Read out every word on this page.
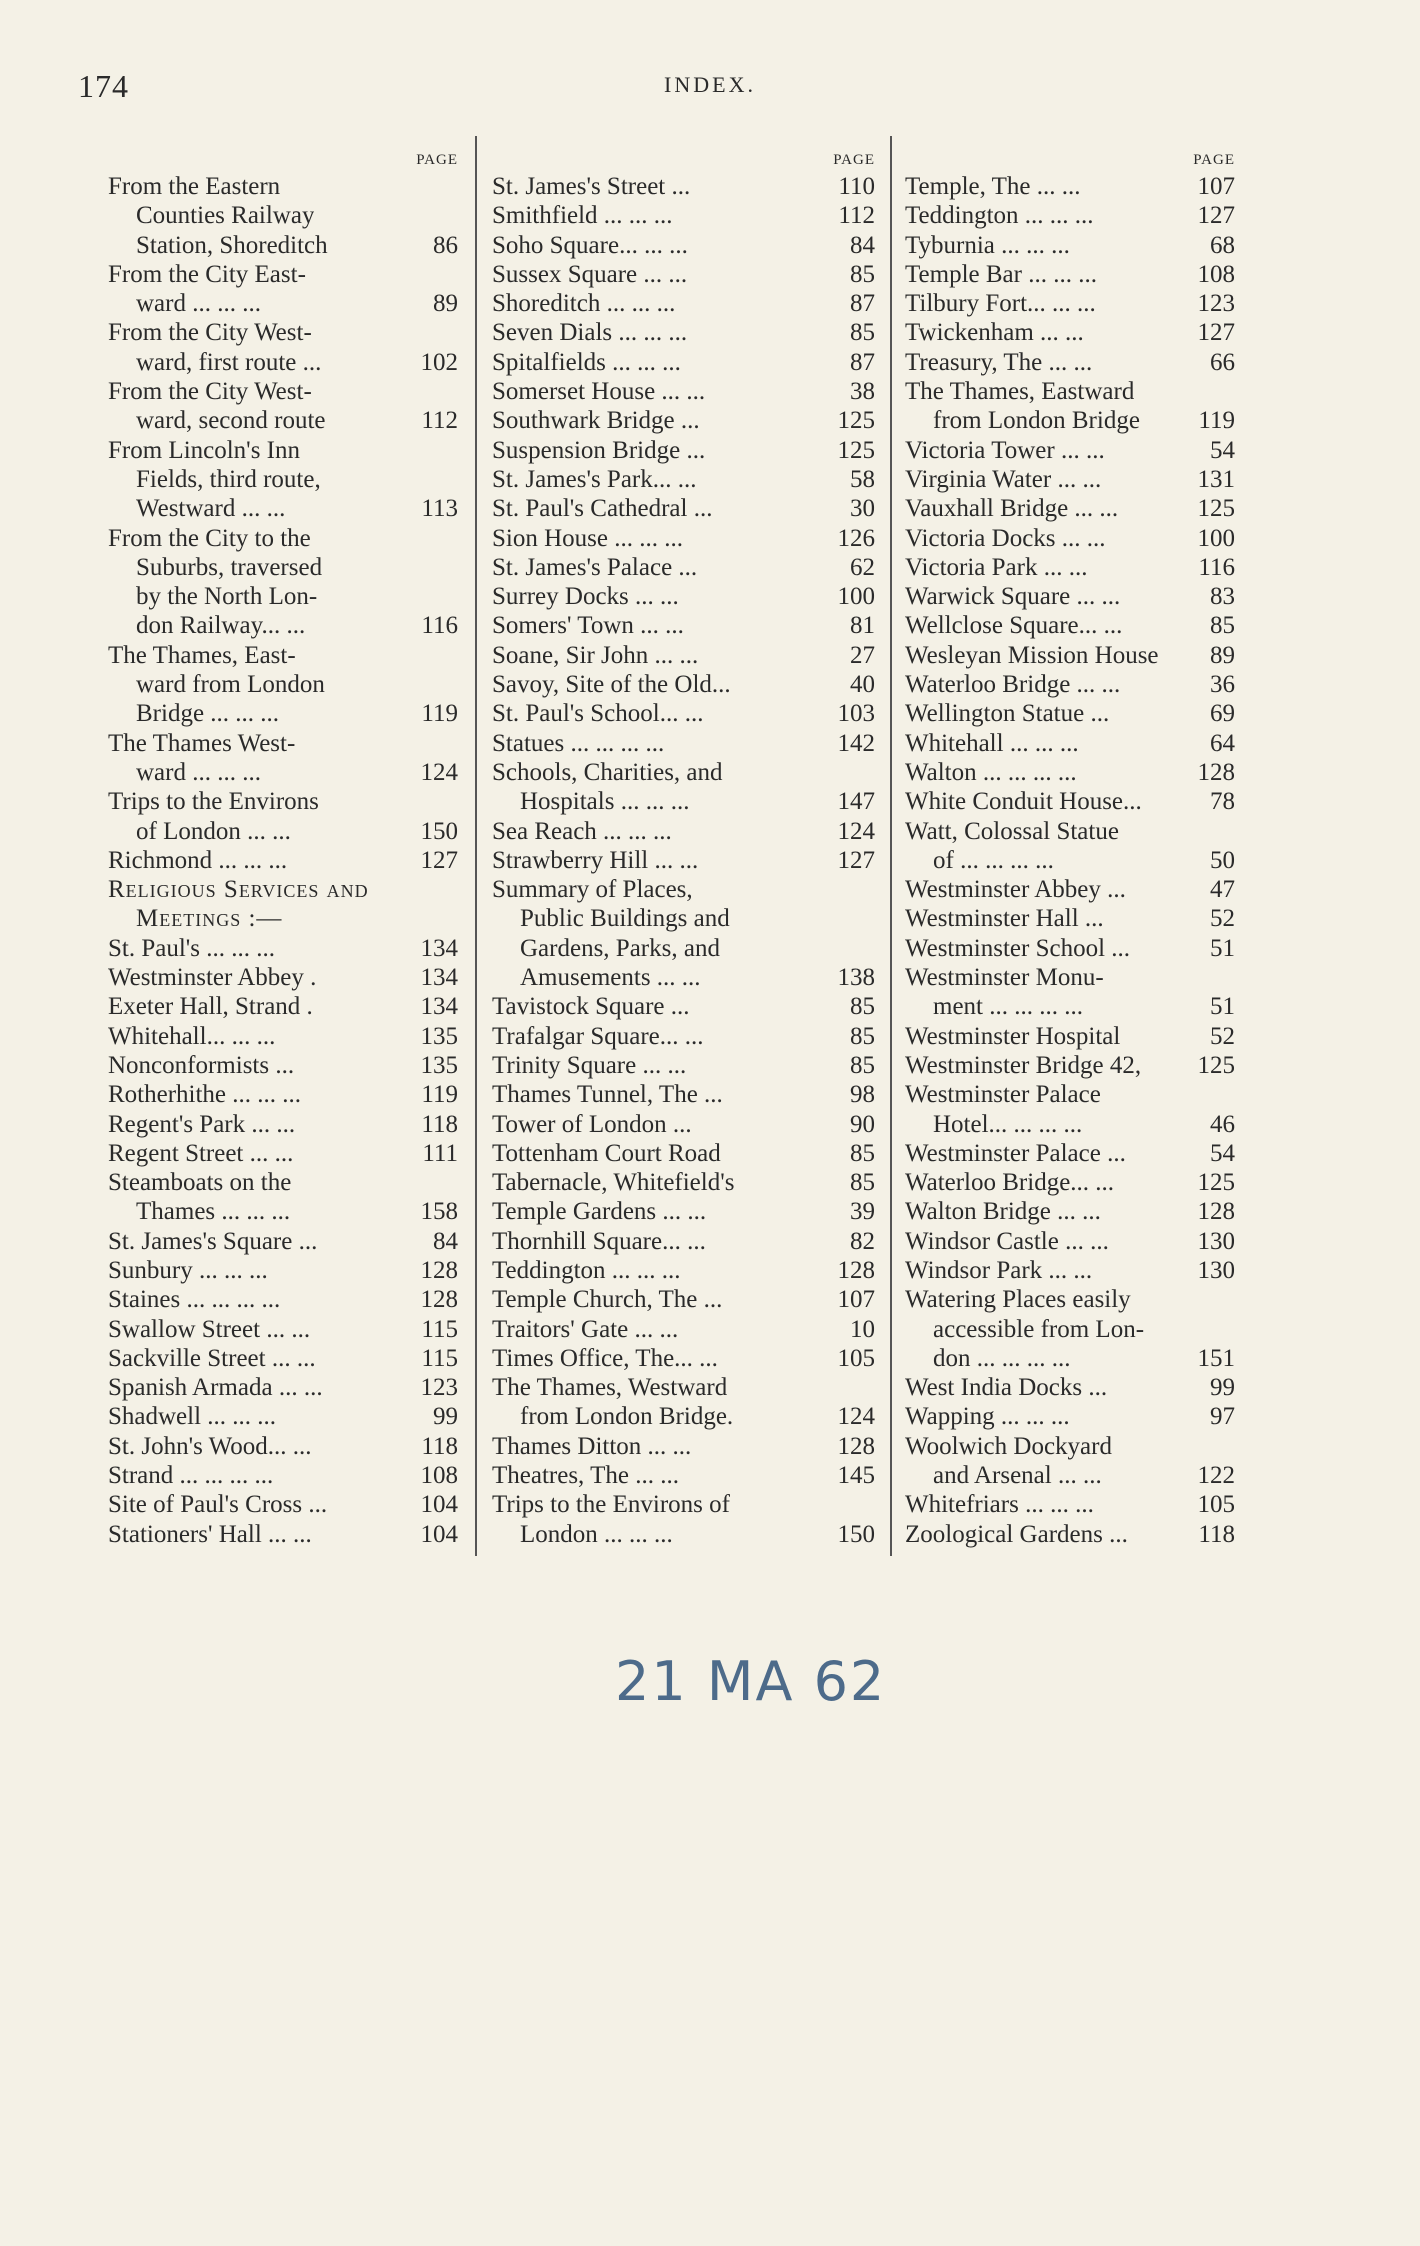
174	INDEX.
PAGE
From the Eastern
Counties Railway
Station, Shoreditch	86
From the City East-
ward ... ... ...	89
From the City West-
ward, first route ...	102
From the City West-
ward, second route	112
From Lincoln's Inn
Fields, third route,
Westward ... ...	113
From the City to the
Suburbs, traversed
by the North Lon-
don Railway... ...	116
The Thames, East-
ward from London
Bridge ... ... ...	119
The Thames West-
ward ... ... ...	124
Trips to the Environs
of London ... ...	150
Richmond ... ... ...	127
Religious Services and
Meetings :—
St. Paul's ... ... ...	134
Westminster Abbey .	134
Exeter Hall, Strand .	134
Whitehall... ... ...	135
Nonconformists ...	135
Rotherhithe ... ... ...	119
Regent's Park ... ...	118
Regent Street ... ...	111
Steamboats on the
Thames ... ... ...	158
St. James's Square ...	84
Sunbury ... ... ...	128
Staines ... ... ... ...	128
Swallow Street ... ...	115
Sackville Street ... ...	115
Spanish Armada ... ...	123
Shadwell ... ... ...	99
St. John's Wood... ...	118
Strand ... ... ... ...	108
Site of Paul's Cross ...	104
Stationers' Hall ... ...	104
PAGE
St. James's Street ...	110
Smithfield ... ... ...	112
Soho Square... ... ...	84
Sussex Square ... ...	85
Shoreditch ... ... ...	87
Seven Dials ... ... ...	85
Spitalfields ... ... ...	87
Somerset House ... ...	38
Southwark Bridge ...	125
Suspension Bridge ...	125
St. James's Park... ...	58
St. Paul's Cathedral ...	30
Sion House ... ... ...	126
St. James's Palace ...	62
Surrey Docks ... ...	100
Somers' Town ... ...	81
Soane, Sir John ... ...	27
Savoy, Site of the Old...	40
St. Paul's School... ...	103
Statues ... ... ... ...	142
Schools, Charities, and
Hospitals ... ... ...	147
Sea Reach ... ... ...	124
Strawberry Hill ... ...	127
Summary of Places,
Public Buildings and
Gardens, Parks, and
Amusements ... ...	138
Tavistock Square ...	85
Trafalgar Square... ...	85
Trinity Square ... ...	85
Thames Tunnel, The ...	98
Tower of London ...	90
Tottenham Court Road	85
Tabernacle, Whitefield's	85
Temple Gardens ... ...	39
Thornhill Square... ...	82
Teddington ... ... ...	128
Temple Church, The ...	107
Traitors' Gate ... ...	10
Times Office, The... ...	105
The Thames, Westward
from London Bridge.	124
Thames Ditton ... ...	128
Theatres, The ... ...	145
Trips to the Environs of
London ... ... ...	150
PAGE
Temple, The ... ...	107
Teddington ... ... ...	127
Tyburnia ... ... ...	68
Temple Bar ... ... ...	108
Tilbury Fort... ... ...	123
Twickenham ... ...	127
Treasury, The ... ...	66
The Thames, Eastward
from London Bridge	119
Victoria Tower ... ...	54
Virginia Water ... ...	131
Vauxhall Bridge ... ...	125
Victoria Docks ... ...	100
Victoria Park ... ...	116
Warwick Square ... ...	83
Wellclose Square... ...	85
Wesleyan Mission House	89
Waterloo Bridge ... ...	36
Wellington Statue ...	69
Whitehall ... ... ...	64
Walton ... ... ... ...	128
White Conduit House...	78
Watt, Colossal Statue
of ... ... ... ...	50
Westminster Abbey ...	47
Westminster Hall ...	52
Westminster School ...	51
Westminster Monu-
ment ... ... ... ...	51
Westminster Hospital	52
Westminster Bridge 42,	125
Westminster Palace
Hotel... ... ... ...	46
Westminster Palace ...	54
Waterloo Bridge... ...	125
Walton Bridge ... ...	128
Windsor Castle ... ...	130
Windsor Park ... ...	130
Watering Places easily
accessible from Lon-
don ... ... ... ...	151
West India Docks ...	99
Wapping ... ... ...	97
Woolwich Dockyard
and Arsenal ... ...	122
Whitefriars ... ... ...	105
Zoological Gardens ...	118
21 MA 62
